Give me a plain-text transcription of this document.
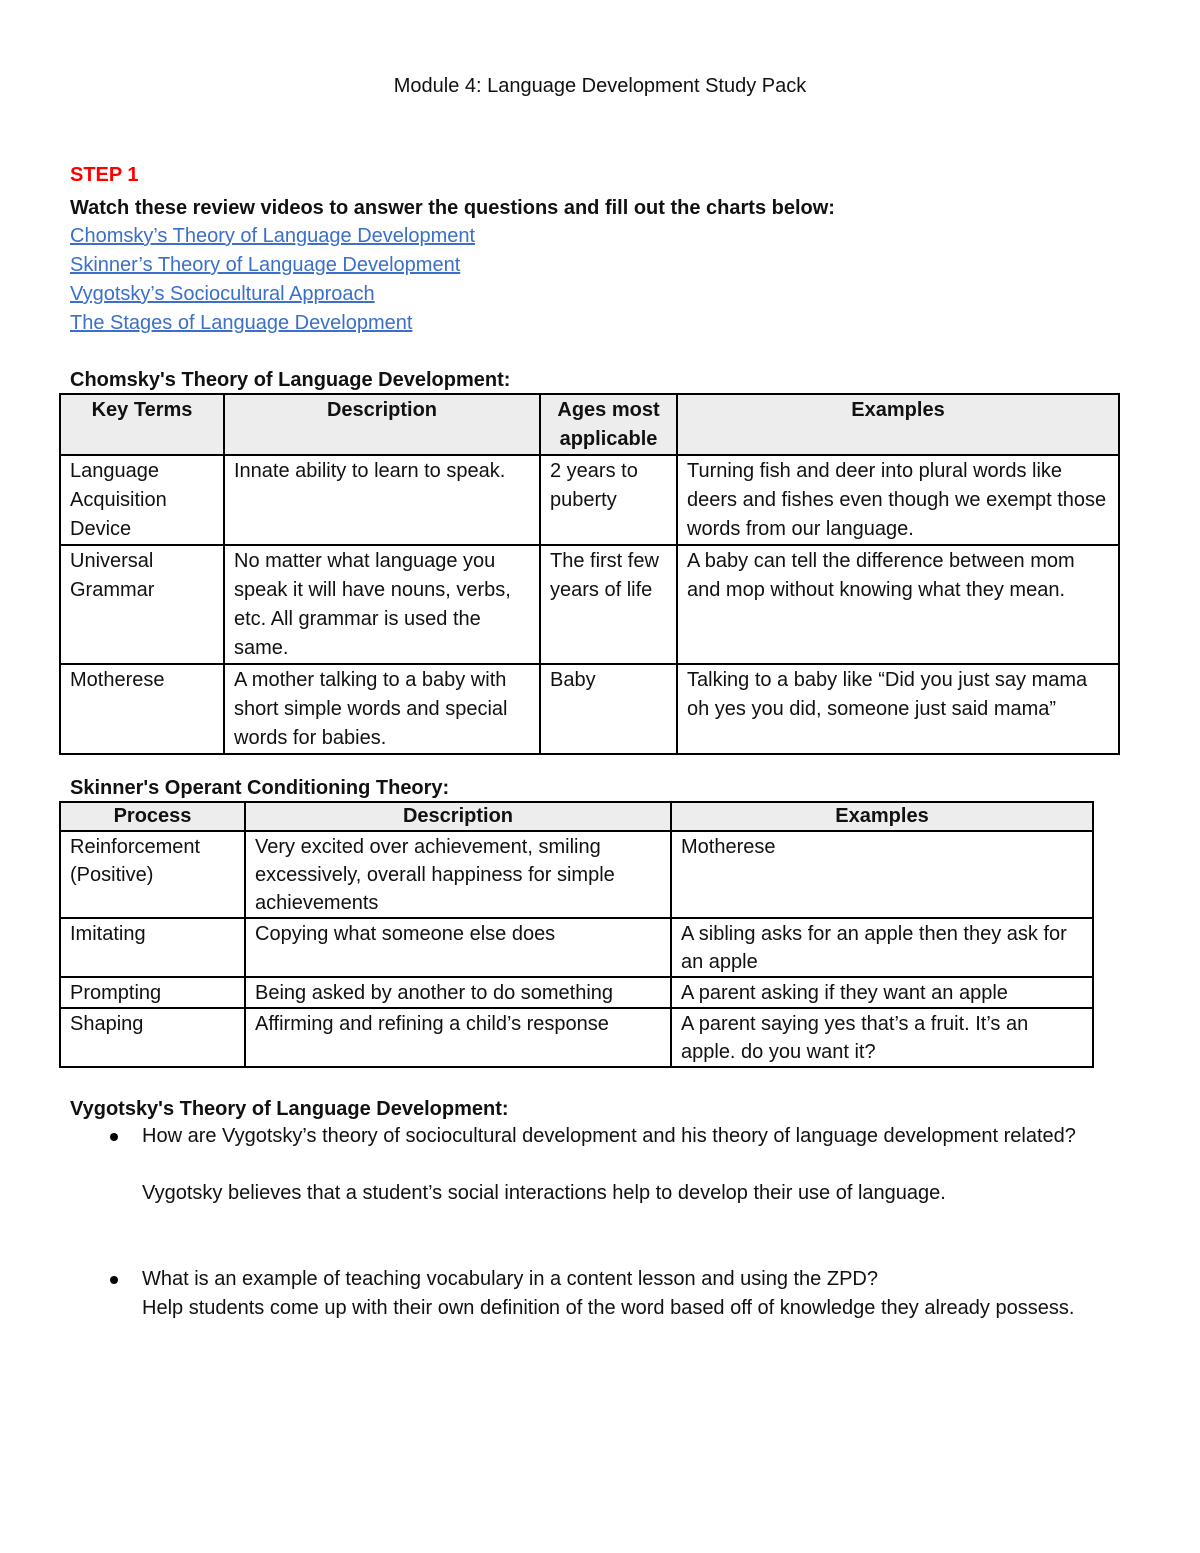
Module 4: Language Development Study Pack
STEP 1
Watch these review videos to answer the questions and fill out the charts below:
Chomsky’s Theory of Language Development
Skinner’s Theory of Language Development
Vygotsky’s Sociocultural Approach
The Stages of Language Development
Chomsky's Theory of Language Development:
Key Terms	Description	Ages most applicable	Examples
Language Acquisition Device	Innate ability to learn to speak.	2 years to puberty	Turning fish and deer into plural words like deers and fishes even though we exempt those words from our language.
Universal Grammar	No matter what language you speak it will have nouns, verbs, etc. All grammar is used the same.	The first few years of life	A baby can tell the difference between mom and mop without knowing what they mean.
Motherese	A mother talking to a baby with short simple words and special words for babies.	Baby	Talking to a baby like “Did you just say mama oh yes you did, someone just said mama”
Skinner's Operant Conditioning Theory:
Process	Description	Examples
Reinforcement (Positive)	Very excited over achievement, smiling excessively, overall happiness for simple achievements	Motherese
Imitating	Copying what someone else does	A sibling asks for an apple then they ask for an apple
Prompting	Being asked by another to do something	A parent asking if they want an apple
Shaping	Affirming and refining a child’s response	A parent saying yes that’s a fruit. It’s an apple. do you want it?
Vygotsky's Theory of Language Development:
How are Vygotsky’s theory of sociocultural development and his theory of language development related?
Vygotsky believes that a student’s social interactions help to develop their use of language.
What is an example of teaching vocabulary in a content lesson and using the ZPD?
Help students come up with their own definition of the word based off of knowledge they already possess.
